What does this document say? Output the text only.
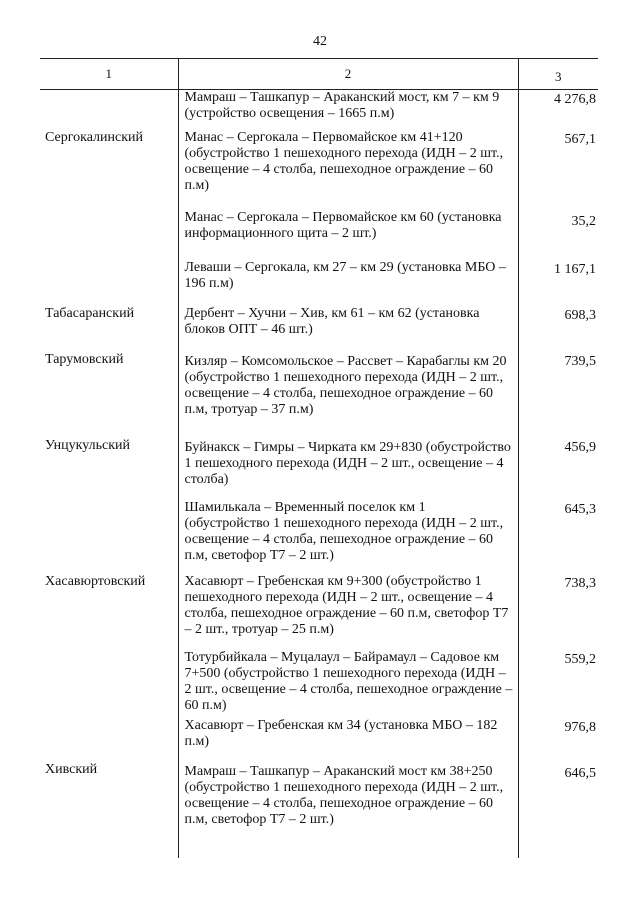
42
1	2	3

	Мамраш – Ташкапур – Араканский мост, км 7 – км 9 (устройство освещения – 1665 п.м)	4 276,8

Сергокалинский	Манас – Сергокала – Первомайское км 41+120 (обустройство 1 пешеходного перехода (ИДН – 2 шт., освещение – 4 столба, пешеходное ограждение – 60 п.м)	567,1

	Манас – Сергокала – Первомайское км 60 (установка информационного щита – 2 шт.)	35,2

	Леваши – Сергокала, км 27 – км 29 (установка МБО – 196 п.м)	1 167,1

Табасаранский	Дербент – Хучни – Хив, км 61 – км 62 (установка блоков ОПТ – 46 шт.)	698,3

Тарумовский	Кизляр – Комсомольское – Рассвет – Карабаглы км 20 (обустройство 1 пешеходного перехода (ИДН – 2 шт., освещение – 4 столба, пешеходное ограждение – 60 п.м, тротуар – 37 п.м)	739,5

Унцукульский	Буйнакск – Гимры – Чирката км 29+830 (обустройство 1 пешеходного перехода (ИДН – 2 шт., освещение – 4 столба)	456,9

	Шамилькала – Временный поселок км 1 (обустройство 1 пешеходного перехода (ИДН – 2 шт., освещение – 4 столба, пешеходное ограждение – 60 п.м, светофор Т7 – 2 шт.)	645,3

Хасавюртовский	Хасавюрт – Гребенская км 9+300 (обустройство 1 пешеходного перехода (ИДН – 2 шт., освещение – 4 столба, пешеходное ограждение – 60 п.м, светофор Т7 – 2 шт., тротуар – 25 п.м)	738,3

	Тотурбийкала – Муцалаул – Байрамаул – Садовое км 7+500 (обустройство 1 пешеходного перехода (ИДН – 2 шт., освещение – 4 столба, пешеходное ограждение – 60 п.м)	559,2

	Хасавюрт – Гребенская км 34 (установка МБО – 182 п.м)	976,8

Хивский	Мамраш – Ташкапур – Араканский мост км 38+250 (обустройство 1 пешеходного перехода (ИДН – 2 шт., освещение – 4 столба, пешеходное ограждение – 60 п.м, светофор Т7 – 2 шт.)	646,5
